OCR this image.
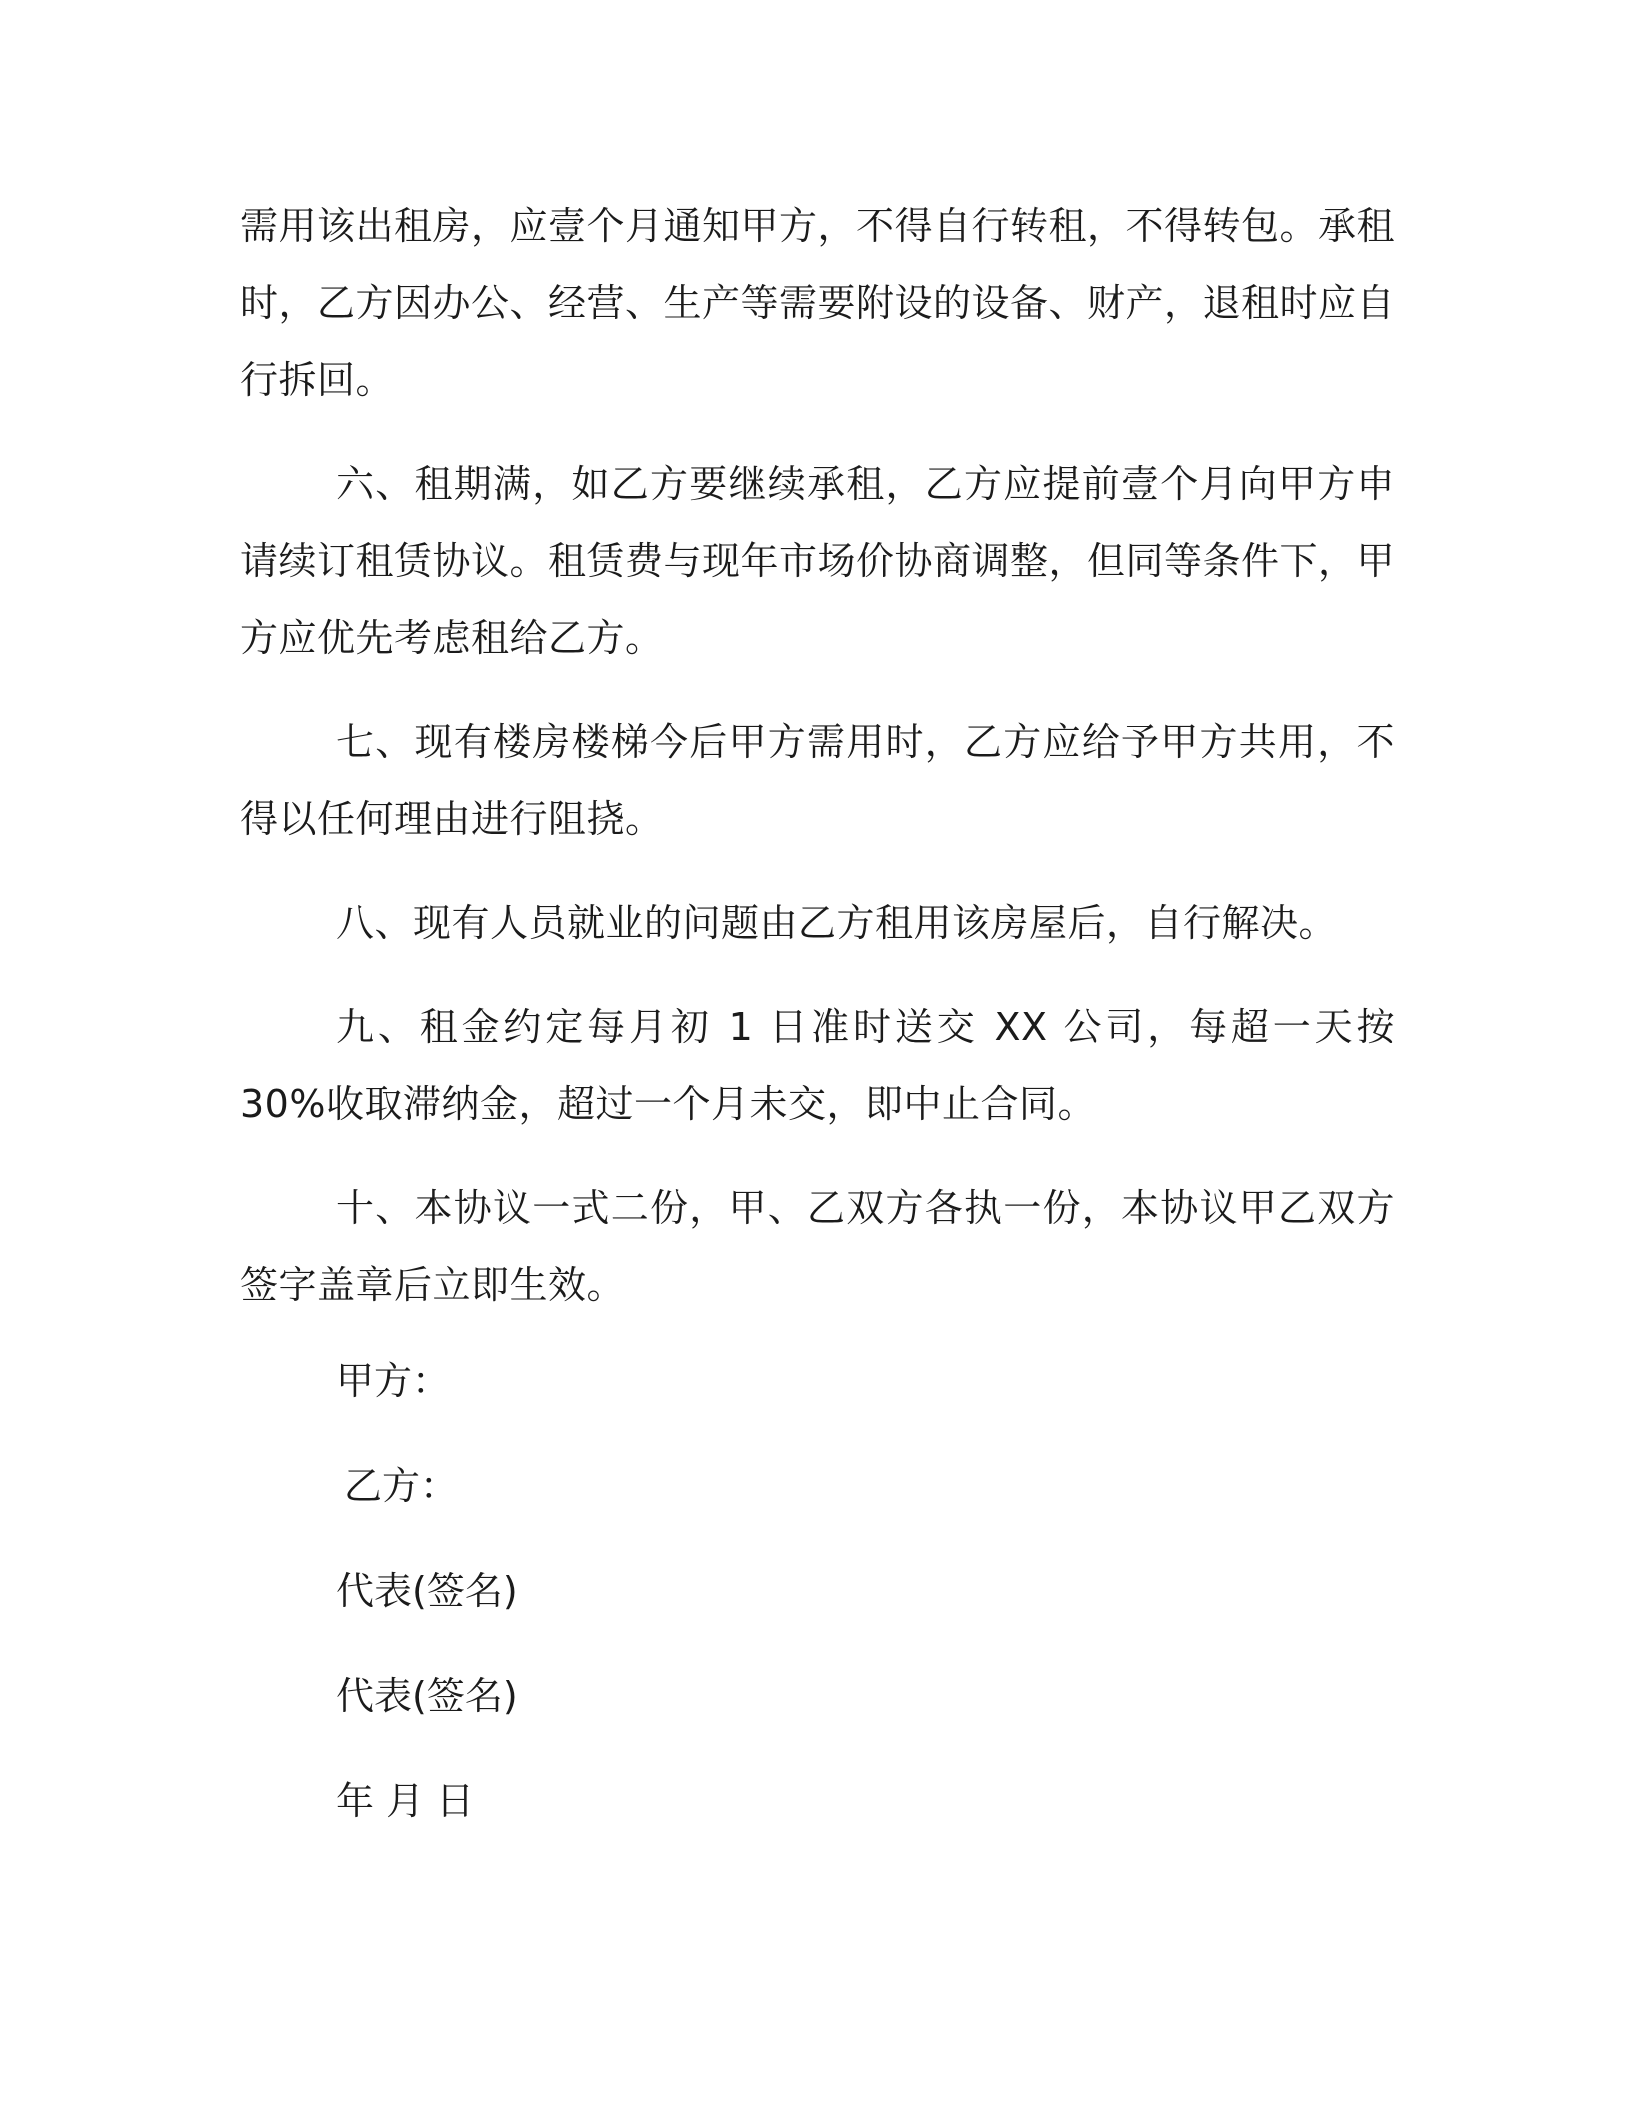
需用该出租房，应壹个月通知甲方，不得自行转租，不得转包。承租时，乙方因办公、经营、生产等需要附设的设备、财产，退租时应自行拆回。

六、租期满，如乙方要继续承租，乙方应提前壹个月向甲方申请续订租赁协议。租赁费与现年市场价协商调整，但同等条件下，甲方应优先考虑租给乙方。

七、现有楼房楼梯今后甲方需用时，乙方应给予甲方共用，不得以任何理由进行阻挠。

八、现有人员就业的问题由乙方租用该房屋后，自行解决。

九、租金约定每月初 1 日准时送交 XX 公司，每超一天按 30%收取滞纳金，超过一个月未交，即中止合同。

十、本协议一式二份，甲、乙双方各执一份，本协议甲乙双方签字盖章后立即生效。

甲方：
乙方：
代表(签名)
代表(签名)
年 月 日
